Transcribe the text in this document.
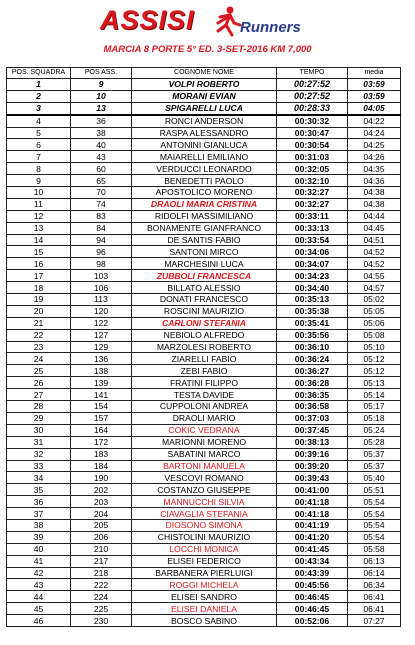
ASSISI	Runners
MARCIA 8 PORTE 5° ED. 3-SET-2016 KM 7,000
POS. SQUADRA	POS ASS.	COGNOME NOME	TEMPO	media
1	9	VOLPI ROBERTO	00:27:52	03:59
2	10	MORANI EVIAN	00:27:52	03:59
3	13	SPIGARELLI LUCA	00:28:33	04:05
4	36	RONCI ANDERSON	00:30:32	04:22
5	38	RASPA ALESSANDRO	00:30:47	04:24
6	40	ANTONINI GIANLUCA	00:30:54	04:25
7	43	MAIARELLI EMILIANO	00:31:03	04:26
8	60	VERDUCCI LEONARDO	00:32:05	04:35
9	65	BENEDETTI PAOLO	00:32:10	04:36
10	70	APOSTOLICO MORENO	00:32:27	04:38
11	74	DRAOLI MARIA CRISTINA	00:32:27	04:38
12	83	RIDOLFI MASSIMILIANO	00:33:11	04:44
13	84	BONAMENTE GIANFRANCO	00:33:13	04:45
14	94	DE SANTIS FABIO	00:33:54	04:51
15	96	SANTONI MIRCO	00:34:06	04:52
16	98	MARCHESINI LUCA	00:34:07	04:52
17	103	ZUBBOLI FRANCESCA	00:34:23	04:55
18	106	BILLATO ALESSIO	00:34:40	04:57
19	113	DONATI FRANCESCO	00:35:13	05:02
20	120	ROSCINI MAURIZIO	00:35:38	05:05
21	122	CARLONI STEFANIA	00:35:41	05:06
22	127	NEBIOLO ALFREDO	00:35:56	05:08
23	129	MARZOLESI ROBERTO	00:36:10	05:10
24	136	ZIARELLI FABIO	00:36:24	05:12
25	138	ZEBI FABIO	00:36:27	05:12
26	139	FRATINI FILIPPO	00:36:28	05:13
27	141	TESTA DAVIDE	00:36:35	05:14
28	154	CUPPOLONI ANDREA	00:36:58	05:17
29	157	DRAOLI MARIO	00:37:03	05:18
30	164	COKIC VEDRANA	00:37:45	05:24
31	172	MARIONNI MORENO	00:38:13	05:28
32	183	SABATINI MARCO	00:39:16	05:37
33	184	BARTONI MANUELA	00:39:20	05:37
34	190	VESCOVI ROMANO	00:39:43	05:40
35	202	COSTANZO GIUSEPPE	00:41:00	05:51
36	203	MANNUCCHI SILVIA	00:41:18	05:54
37	204	CIAVAGLIA STEFANIA	00:41:18	05:54
38	205	DIOSONO SIMONA	00:41:19	05:54
39	206	CHISTOLINI MAURIZIO	00:41:20	05:54
40	210	LOCCHI MONICA	00:41:45	05:58
41	217	ELISEI FEDERICO	00:43:34	06:13
42	218	BARBANERA PIERLUIGI	00:43:39	06:14
43	222	ROGGI MICHELA	00:45:56	06:34
44	224	ELISEI SANDRO	00:46:45	06:41
45	225	ELISEI DANIELA	00:46:45	06:41
46	230	BOSCO SABINO	00:52:06	07:27
